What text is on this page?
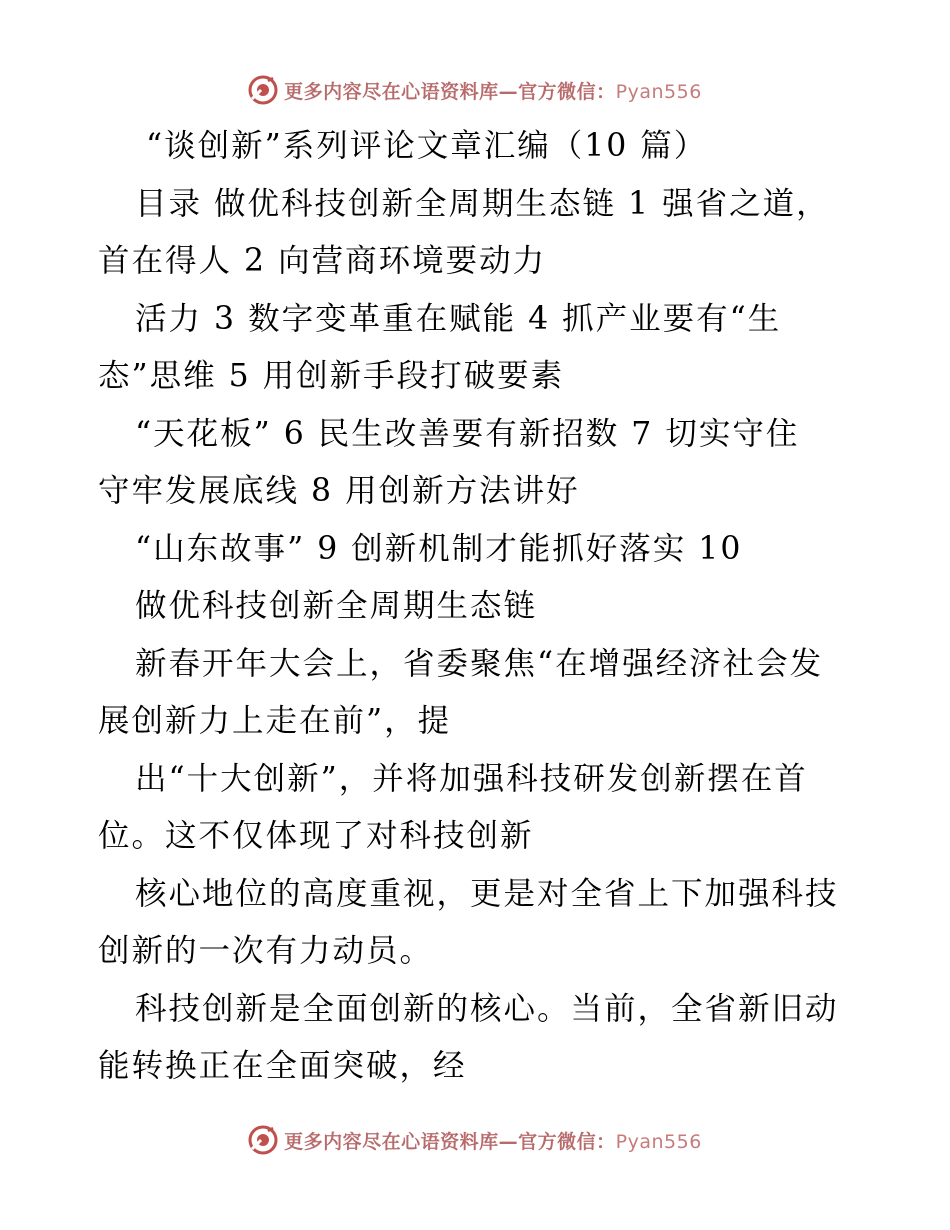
更多内容尽在心语资料库—官方微信：Pyan556
“谈创新”系列评论文章汇编（10 篇）
目录 做优科技创新全周期生态链 1 强省之道，
首在得人 2 向营商环境要动力
活力 3 数字变革重在赋能 4 抓产业要有“生
态”思维 5 用创新手段打破要素
“天花板” 6 民生改善要有新招数 7 切实守住
守牢发展底线 8 用创新方法讲好
“山东故事” 9 创新机制才能抓好落实 10
做优科技创新全周期生态链
新春开年大会上，省委聚焦“在增强经济社会发
展创新力上走在前”，提
出“十大创新”，并将加强科技研发创新摆在首
位。这不仅体现了对科技创新
核心地位的高度重视，更是对全省上下加强科技
创新的一次有力动员。
科技创新是全面创新的核心。当前，全省新旧动
能转换正在全面突破，经
更多内容尽在心语资料库—官方微信：Pyan556
